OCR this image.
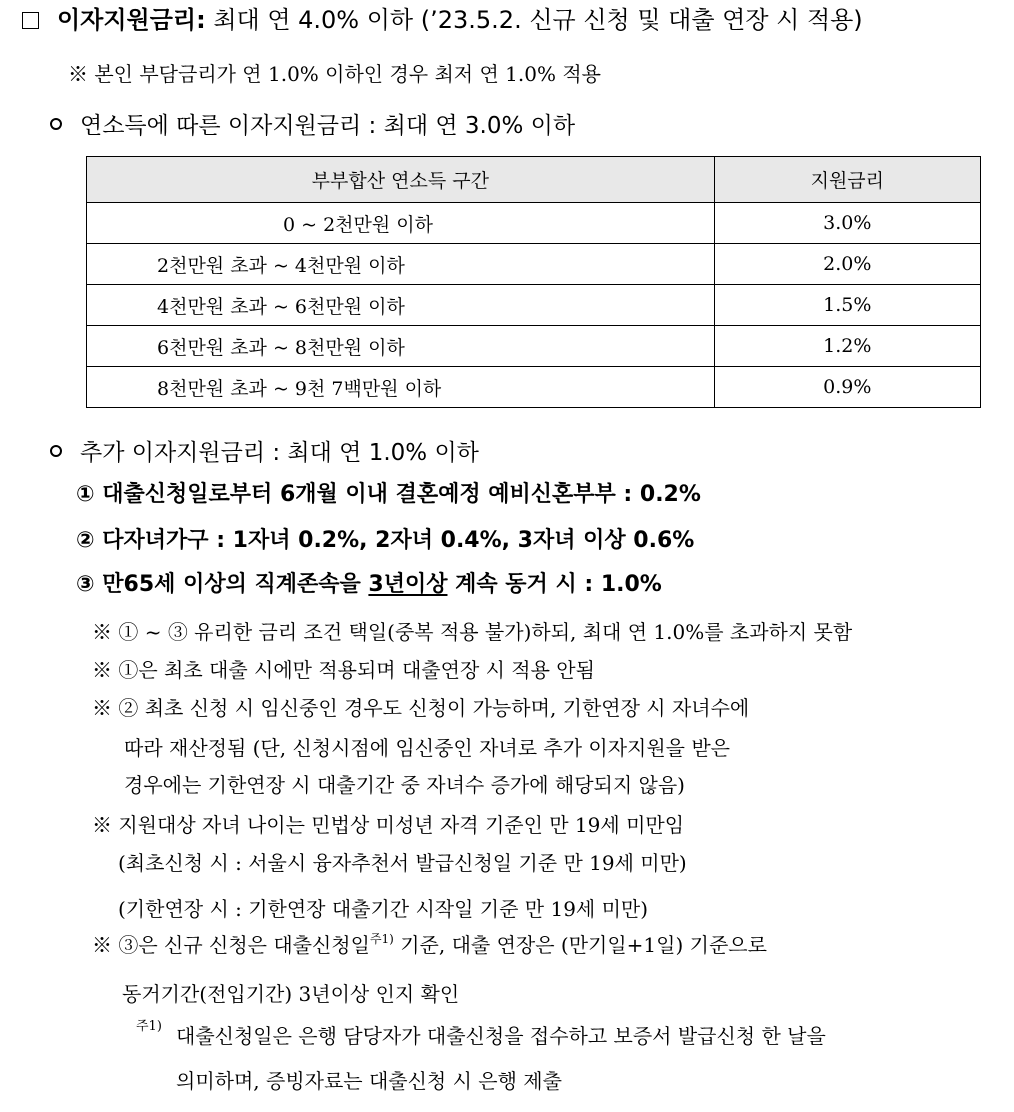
이자지원금리: 최대 연 4.0% 이하 (’23.5.2. 신규 신청 및 대출 연장 시 적용)
※ 본인 부담금리가 연 1.0% 이하인 경우 최저 연 1.0% 적용
연소득에 따른 이자지원금리 : 최대 연 3.0% 이하
부부합산 연소득 구간	지원금리
0 ~ 2천만원 이하	3.0%
2천만원 초과 ~ 4천만원 이하	2.0%
4천만원 초과 ~ 6천만원 이하	1.5%
6천만원 초과 ~ 8천만원 이하	1.2%
8천만원 초과 ~ 9천 7백만원 이하	0.9%
추가 이자지원금리 : 최대 연 1.0% 이하
① 대출신청일로부터 6개월 이내 결혼예정 예비신혼부부 : 0.2%
② 다자녀가구 : 1자녀 0.2%, 2자녀 0.4%, 3자녀 이상 0.6%
③ 만65세 이상의 직계존속을 3년이상 계속 동거 시 : 1.0%
※ ① ~ ③ 유리한 금리 조건 택일(중복 적용 불가)하되, 최대 연 1.0%를 초과하지 못함
※ ①은 최초 대출 시에만 적용되며 대출연장 시 적용 안됨
※ ② 최초 신청 시 임신중인 경우도 신청이 가능하며, 기한연장 시 자녀수에
따라 재산정됨 (단, 신청시점에 임신중인 자녀로 추가 이자지원을 받은
경우에는 기한연장 시 대출기간 중 자녀수 증가에 해당되지 않음)
※ 지원대상 자녀 나이는 민법상 미성년 자격 기준인 만 19세 미만임
(최초신청 시 : 서울시 융자추천서 발급신청일 기준 만 19세 미만)
(기한연장 시 : 기한연장 대출기간 시작일 기준 만 19세 미만)
※ ③은 신규 신청은 대출신청일$^{주1)}$ 기준, 대출 연장은 (만기일+1일) 기준으로
동거기간(전입기간) 3년이상 인지 확인
주1) 대출신청일은 은행 담당자가 대출신청을 접수하고 보증서 발급신청 한 날을
의미하며, 증빙자료는 대출신청 시 은행 제출
